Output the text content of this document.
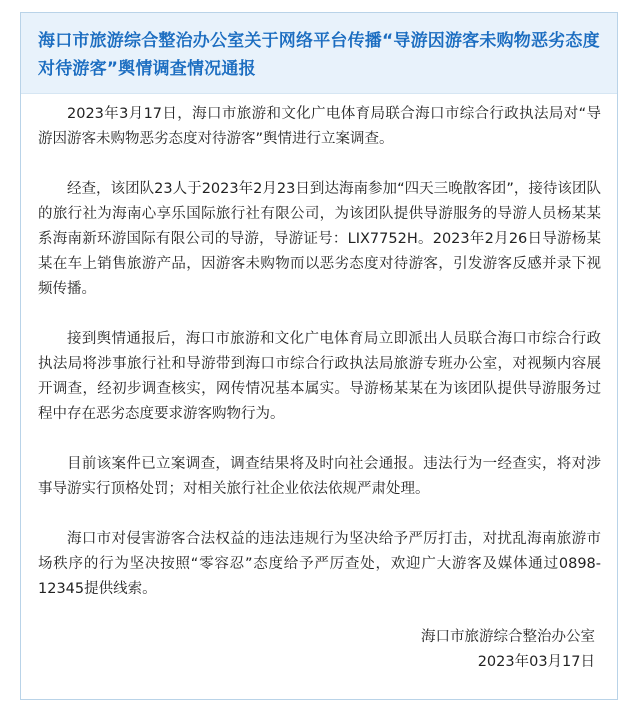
海口市旅游综合整治办公室关于网络平台传播“导游因游客未购物恶劣态度对待游客”舆情调查情况通报

2023年3月17日，海口市旅游和文化广电体育局联合海口市综合行政执法局对“导游因游客未购物恶劣态度对待游客”舆情进行立案调查。

经查，该团队23人于2023年2月23日到达海南参加“四天三晚散客团”，接待该团队的旅行社为海南心享乐国际旅行社有限公司，为该团队提供导游服务的导游人员杨某某系海南新环游国际有限公司的导游，导游证号：LIX7752H。2023年2月26日导游杨某某在车上销售旅游产品，因游客未购物而以恶劣态度对待游客，引发游客反感并录下视频传播。

接到舆情通报后，海口市旅游和文化广电体育局立即派出人员联合海口市综合行政执法局将涉事旅行社和导游带到海口市综合行政执法局旅游专班办公室，对视频内容展开调查，经初步调查核实，网传情况基本属实。导游杨某某在为该团队提供导游服务过程中存在恶劣态度要求游客购物行为。

目前该案件已立案调查，调查结果将及时向社会通报。违法行为一经查实，将对涉事导游实行顶格处罚；对相关旅行社企业依法依规严肃处理。

海口市对侵害游客合法权益的违法违规行为坚决给予严厉打击，对扰乱海南旅游市场秩序的行为坚决按照“零容忍”态度给予严厉查处，欢迎广大游客及媒体通过0898-12345提供线索。

海口市旅游综合整治办公室
2023年03月17日
